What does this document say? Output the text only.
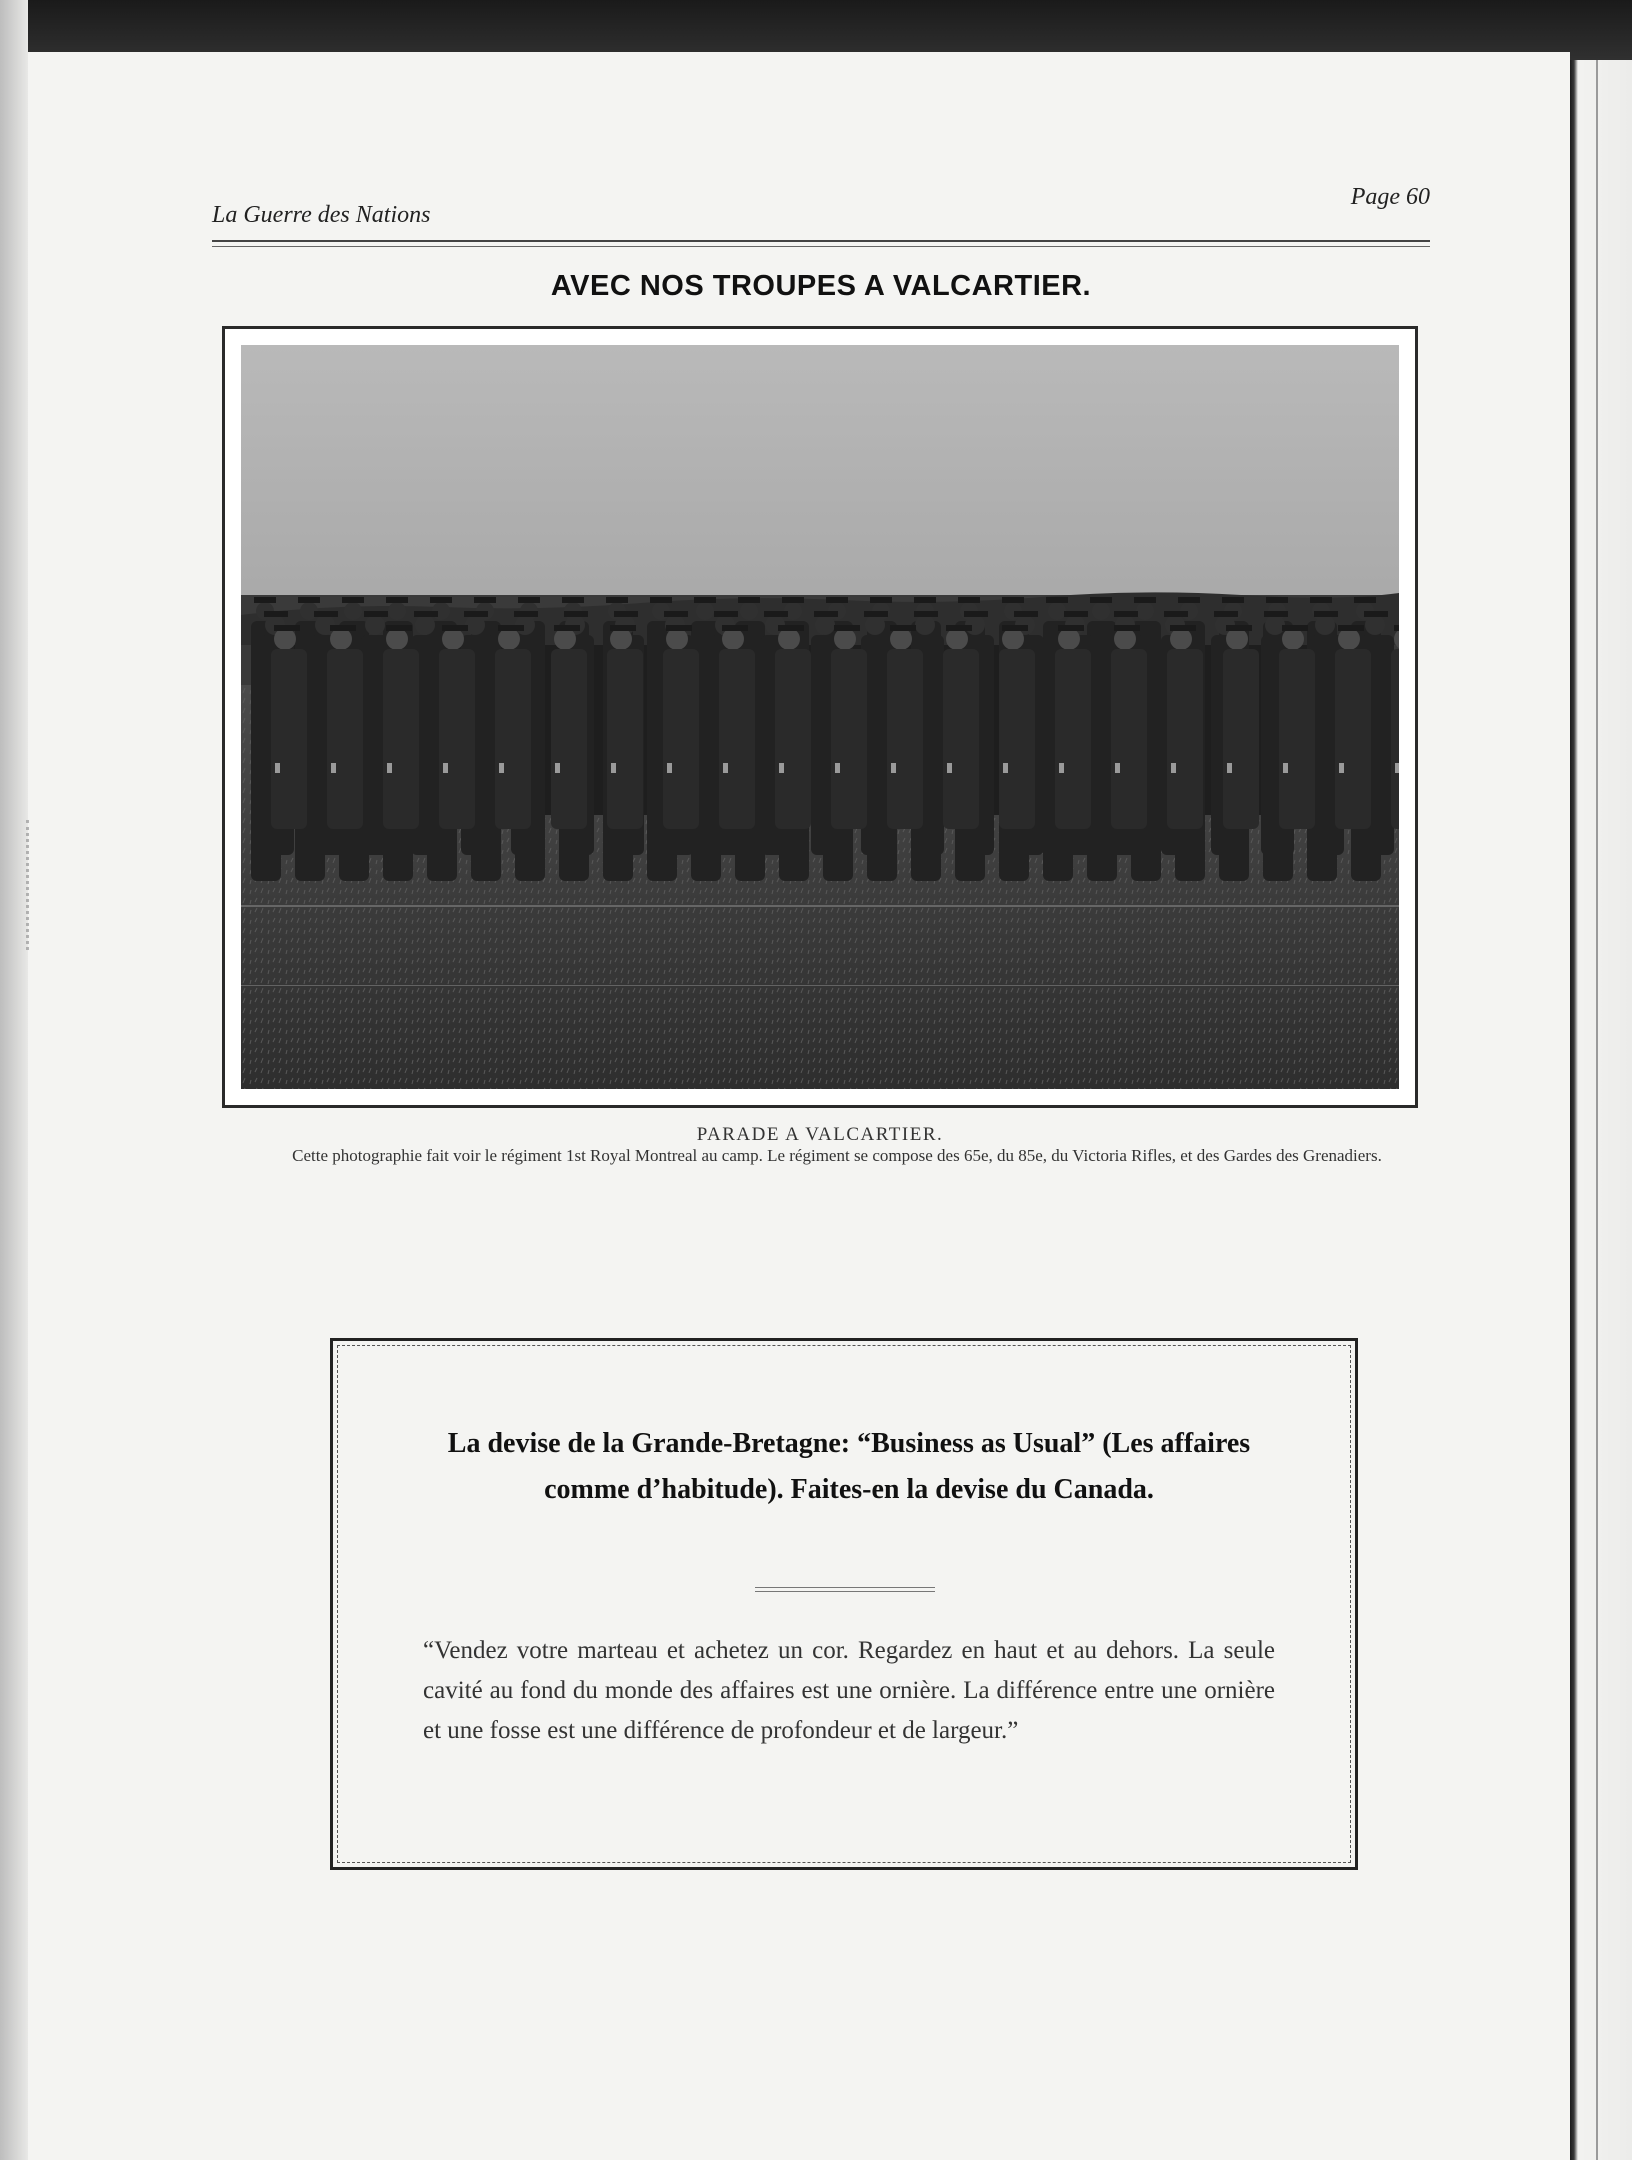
La Guerre des Nations
Page 60
AVEC NOS TROUPES A VALCARTIER.
PARADE A VALCARTIER.
Cette photographie fait voir le régiment 1st Royal Montreal au camp. Le régiment se compose des 65e, du 85e, du Victoria Rifles, et des Gardes des Grenadiers.
La devise de la Grande-Bretagne: “Business as Usual” (Les affaires comme d’habitude). Faites-en la devise du Canada.
“Vendez votre marteau et achetez un cor. Regardez en haut et au dehors. La seule cavité au fond du monde des affaires est une ornière. La différence entre une ornière et une fosse est une différence de profondeur et de largeur.”
